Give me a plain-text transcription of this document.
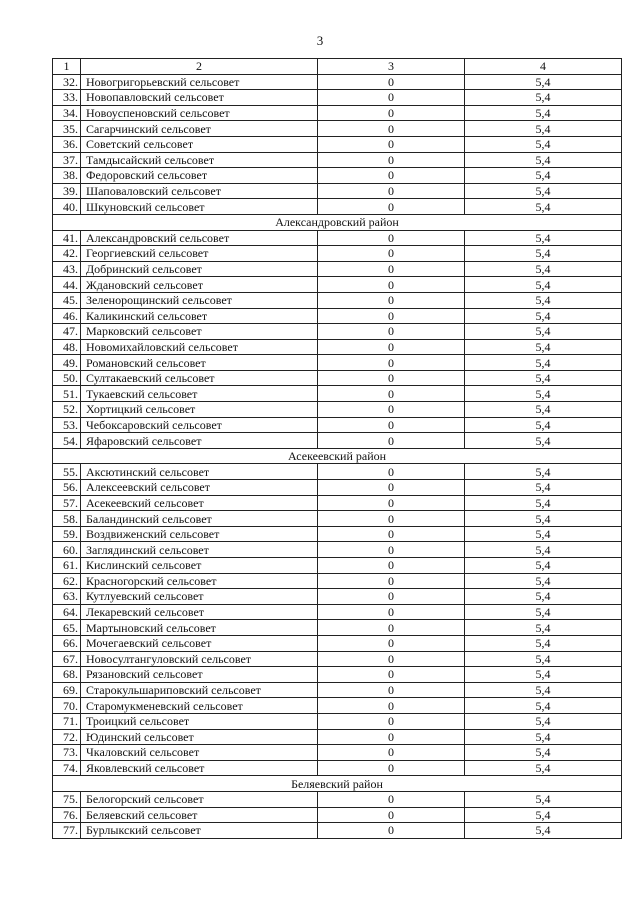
3
1	2	3	4
32.	Новогригорьевский сельсовет	0	5,4
33.	Новопавловский сельсовет	0	5,4
34.	Новоуспеновский сельсовет	0	5,4
35.	Сагарчинский сельсовет	0	5,4
36.	Советский сельсовет	0	5,4
37.	Тамдысайский сельсовет	0	5,4
38.	Федоровский сельсовет	0	5,4
39.	Шаповаловский сельсовет	0	5,4
40.	Шкуновский сельсовет	0	5,4
Александровский район			
41.	Александровский сельсовет	0	5,4
42.	Георгиевский сельсовет	0	5,4
43.	Добринский сельсовет	0	5,4
44.	Ждановский сельсовет	0	5,4
45.	Зеленорощинский сельсовет	0	5,4
46.	Каликинский сельсовет	0	5,4
47.	Марковский сельсовет	0	5,4
48.	Новомихайловский сельсовет	0	5,4
49.	Романовский сельсовет	0	5,4
50.	Султакаевский сельсовет	0	5,4
51.	Тукаевский сельсовет	0	5,4
52.	Хортицкий сельсовет	0	5,4
53.	Чебоксаровский сельсовет	0	5,4
54.	Яфаровский сельсовет	0	5,4
Асекеевский район			
55.	Аксютинский сельсовет	0	5,4
56.	Алексеевский сельсовет	0	5,4
57.	Асекеевский сельсовет	0	5,4
58.	Баландинский сельсовет	0	5,4
59.	Воздвиженский сельсовет	0	5,4
60.	Заглядинский сельсовет	0	5,4
61.	Кислинский сельсовет	0	5,4
62.	Красногорский сельсовет	0	5,4
63.	Кутлуевский сельсовет	0	5,4
64.	Лекаревский сельсовет	0	5,4
65.	Мартыновский сельсовет	0	5,4
66.	Мочегаевский сельсовет	0	5,4
67.	Новосултангуловский сельсовет	0	5,4
68.	Рязановский сельсовет	0	5,4
69.	Старокульшариповский сельсовет	0	5,4
70.	Старомукменевский сельсовет	0	5,4
71.	Троицкий сельсовет	0	5,4
72.	Юдинский сельсовет	0	5,4
73.	Чкаловский сельсовет	0	5,4
74.	Яковлевский сельсовет	0	5,4
Беляевский район			
75.	Белогорский сельсовет	0	5,4
76.	Беляевский сельсовет	0	5,4
77.	Бурлыкский сельсовет	0	5,4
